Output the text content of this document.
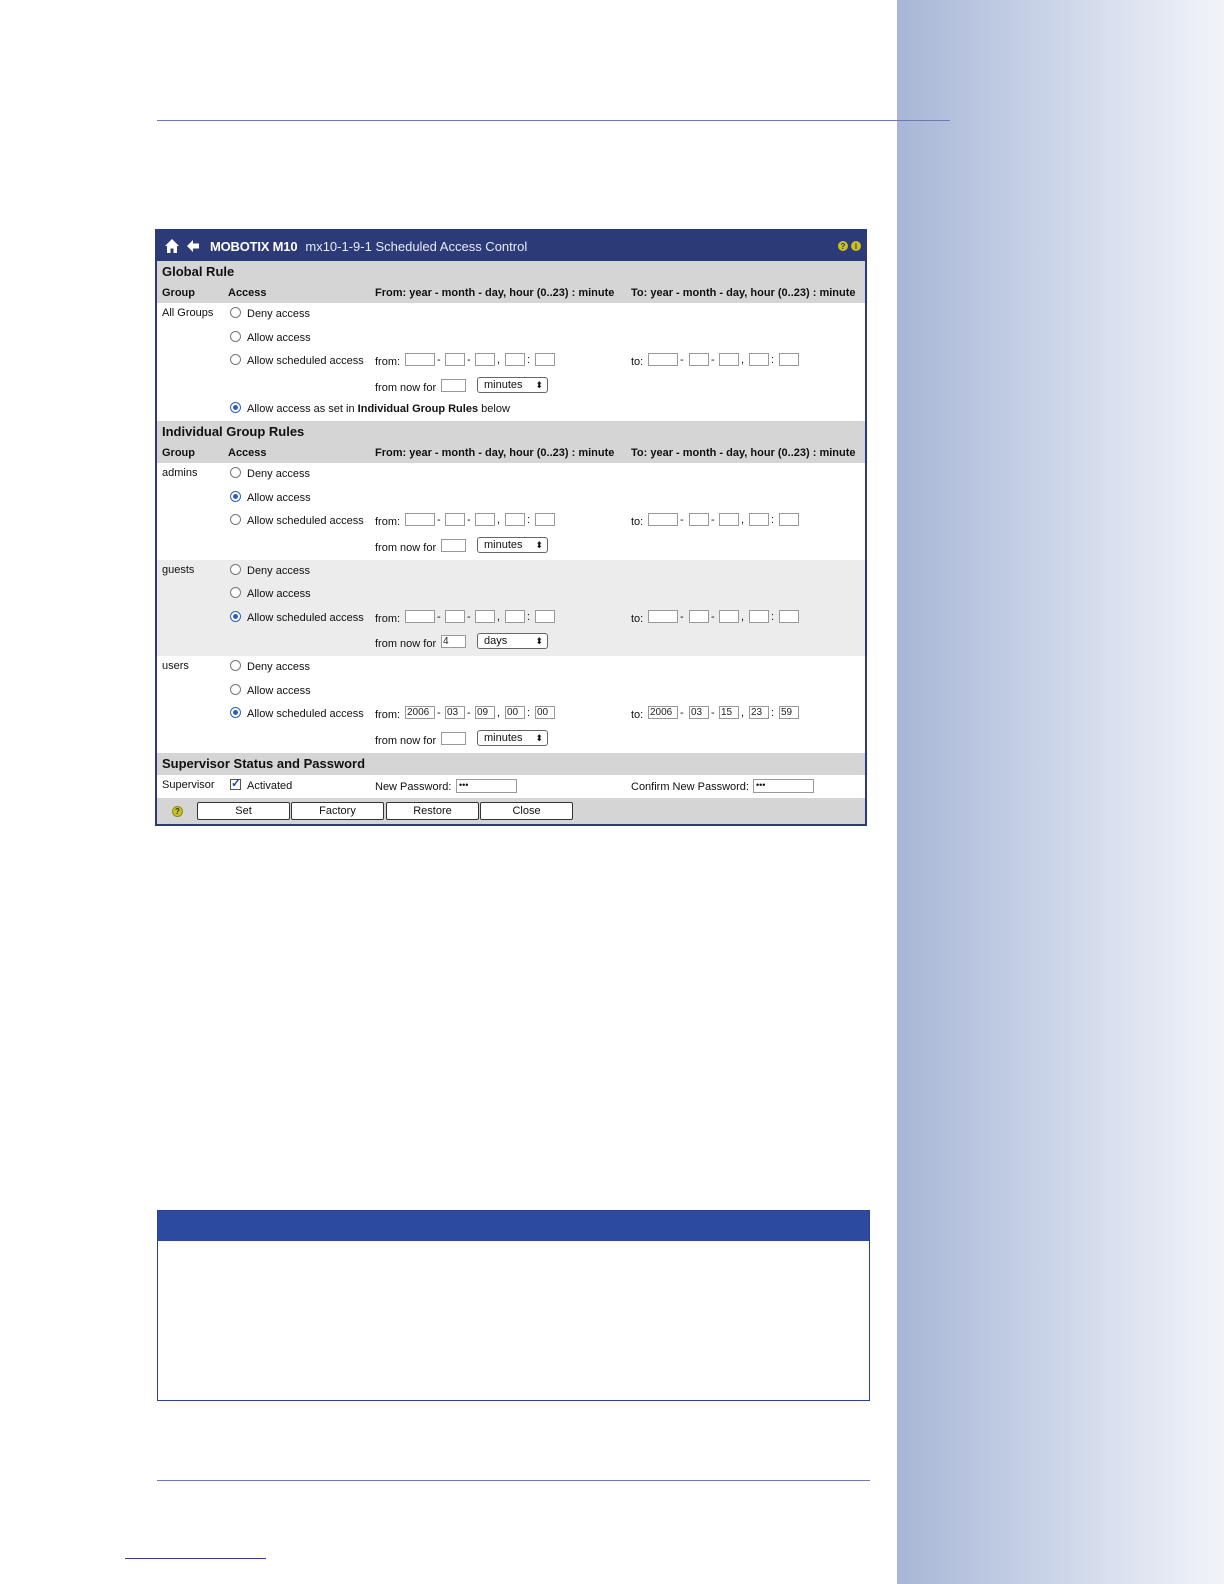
MOBOTIX M10 mx10-1-9-1 Scheduled Access Control	?	i
Global Rule
Group	Access	From: year - month - day, hour (0..23) : minute To: year - month - day, hour (0..23) : minute
All Groups	Deny access
Allow access
Allow scheduled access from:	- - , :	to:	- - , :
from now for	minutes ⬍
Allow access as set in Individual Group Rules below
Individual Group Rules
Group	Access	From: year - month - day, hour (0..23) : minute To: year - month - day, hour (0..23) : minute
admins	Deny access
Allow access
Allow scheduled access from:	- - , :	to:	- - , :
from now for	minutes ⬍
guests	Deny access
Allow access
Allow scheduled access from:	- - , :	to:	- - , :
from now for 4	days	⬍
users	Deny access
Allow access
Allow scheduled access from: 2006 - 03 - 09 , 00 : 00	to: 2006 - 03 - 15 , 23 : 59
from now for	minutes ⬍
Supervisor Status and Password
Supervisor
✓	Activated	New Password: •••	Confirm New Password: •••
?	Set	Factory	Restore	Close
